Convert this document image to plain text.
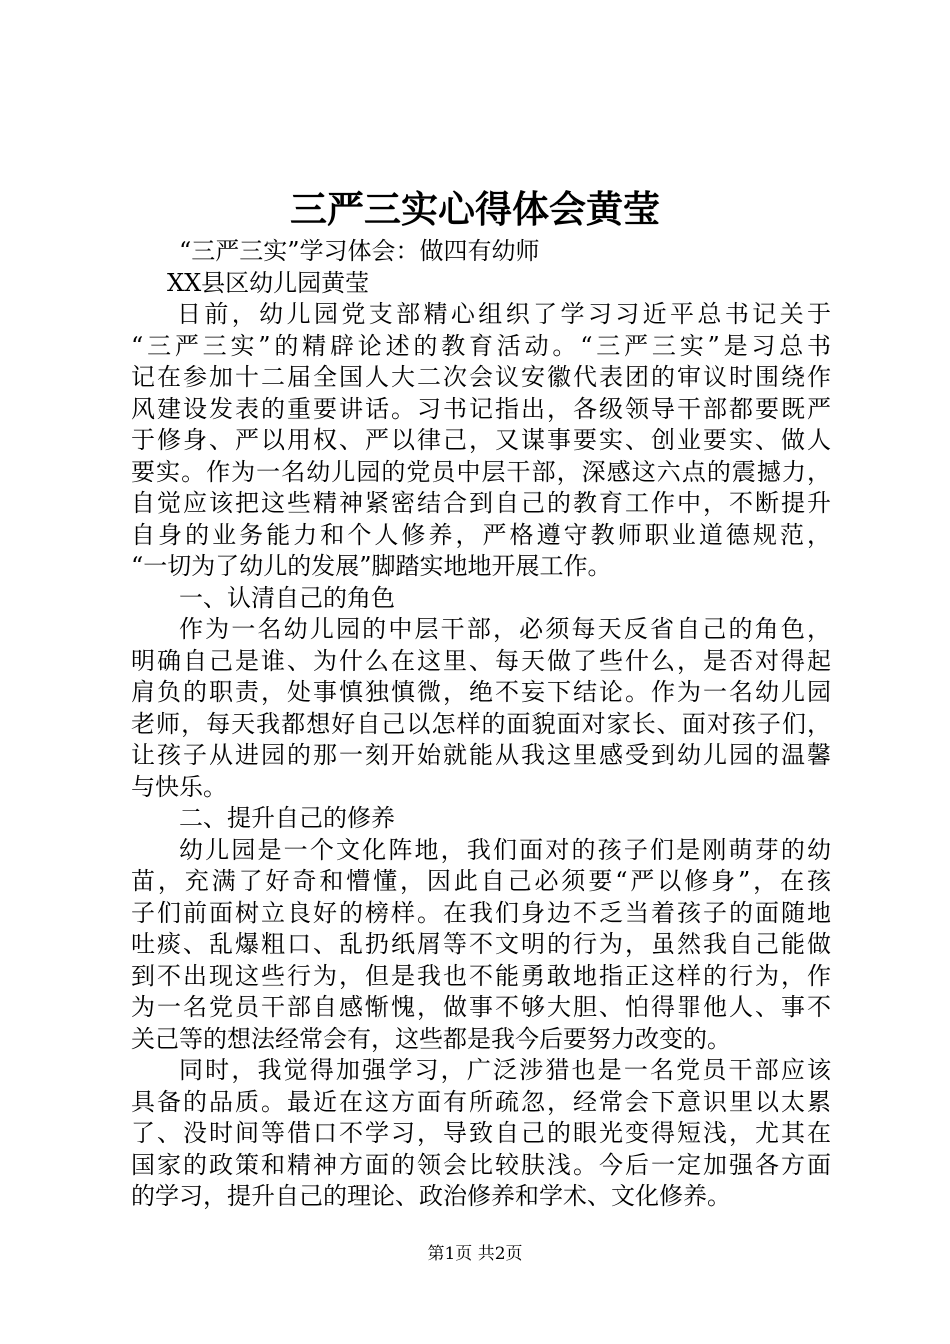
三严三实心得体会黄莹
“三严三实”学习体会：做四有幼师
XX县区幼儿园黄莹
日前，幼儿园党支部精心组织了学习习近平总书记关于
“三严三实”的精辟论述的教育活动。“三严三实”是习总书
记在参加十二届全国人大二次会议安徽代表团的审议时围绕作
风建设发表的重要讲话。习书记指出，各级领导干部都要既严
于修身、严以用权、严以律己，又谋事要实、创业要实、做人
要实。作为一名幼儿园的党员中层干部，深感这六点的震撼力，
自觉应该把这些精神紧密结合到自己的教育工作中，不断提升
自身的业务能力和个人修养，严格遵守教师职业道德规范，
“一切为了幼儿的发展”脚踏实地地开展工作。
一、认清自己的角色
作为一名幼儿园的中层干部，必须每天反省自己的角色，
明确自己是谁、为什么在这里、每天做了些什么，是否对得起
肩负的职责，处事慎独慎微，绝不妄下结论。作为一名幼儿园
老师，每天我都想好自己以怎样的面貌面对家长、面对孩子们，
让孩子从进园的那一刻开始就能从我这里感受到幼儿园的温馨
与快乐。
二、提升自己的修养
幼儿园是一个文化阵地，我们面对的孩子们是刚萌芽的幼
苗，充满了好奇和懵懂，因此自己必须要“严以修身”，在孩
子们前面树立良好的榜样。在我们身边不乏当着孩子的面随地
吐痰、乱爆粗口、乱扔纸屑等不文明的行为，虽然我自己能做
到不出现这些行为，但是我也不能勇敢地指正这样的行为，作
为一名党员干部自感惭愧，做事不够大胆、怕得罪他人、事不
关己等的想法经常会有，这些都是我今后要努力改变的。
同时，我觉得加强学习，广泛涉猎也是一名党员干部应该
具备的品质。最近在这方面有所疏忽，经常会下意识里以太累
了、没时间等借口不学习，导致自己的眼光变得短浅，尤其在
国家的政策和精神方面的领会比较肤浅。今后一定加强各方面
的学习，提升自己的理论、政治修养和学术、文化修养。
第1页 共2页
